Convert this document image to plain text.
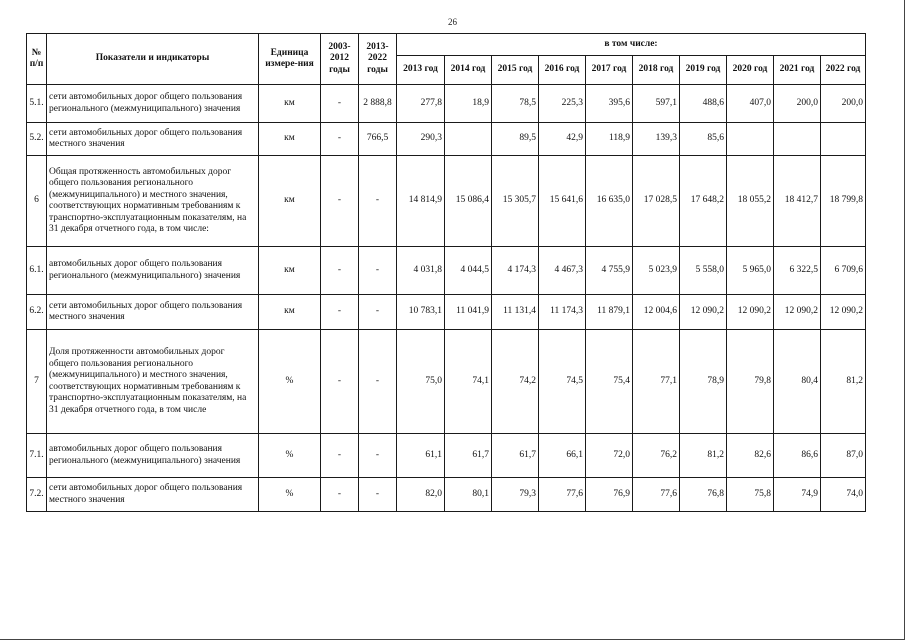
26
№ п/п	Показатели и индикаторы	Единица измере-ния	2003-2012 годы	2013-2022 годы	в том числе:									
					2013 год	2014 год	2015 год	2016 год	2017 год	2018 год	2019 год	2020 год	2021 год	2022 год
5.1.	сети автомобильных дорог общего пользования регионального (межмуниципального) значения	км	-	2 888,8	277,8	18,9	78,5	225,3	395,6	597,1	488,6	407,0	200,0	200,0
5.2.	сети автомобильных дорог общего пользования местного значения	км	-	766,5	290,3		89,5	42,9	118,9	139,3	85,6			
6	Общая протяженность автомобильных дорог общего пользования регионального (межмуниципального) и местного значения, соответствующих нормативным требованиям к транспортно-эксплуатационным показателям, на 31 декабря отчетного года, в том числе:	км	-	-	14 814,9	15 086,4	15 305,7	15 641,6	16 635,0	17 028,5	17 648,2	18 055,2	18 412,7	18 799,8
6.1.	автомобильных дорог общего пользования регионального (межмуниципального) значения	км	-	-	4 031,8	4 044,5	4 174,3	4 467,3	4 755,9	5 023,9	5 558,0	5 965,0	6 322,5	6 709,6
6.2.	сети автомобильных дорог общего пользования местного значения	км	-	-	10 783,1	11 041,9	11 131,4	11 174,3	11 879,1	12 004,6	12 090,2	12 090,2	12 090,2	12 090,2
7	Доля протяженности автомобильных дорог общего пользования регионального (межмуниципального) и местного значения, соответствующих нормативным требованиям к транспортно-эксплуатационным показателям, на 31 декабря отчетного года, в том числе	%	-	-	75,0	74,1	74,2	74,5	75,4	77,1	78,9	79,8	80,4	81,2
7.1.	автомобильных дорог общего пользования регионального (межмуниципального) значения	%	-	-	61,1	61,7	61,7	66,1	72,0	76,2	81,2	82,6	86,6	87,0
7.2.	сети автомобильных дорог общего пользования местного значения	%	-	-	82,0	80,1	79,3	77,6	76,9	77,6	76,8	75,8	74,9	74,0
